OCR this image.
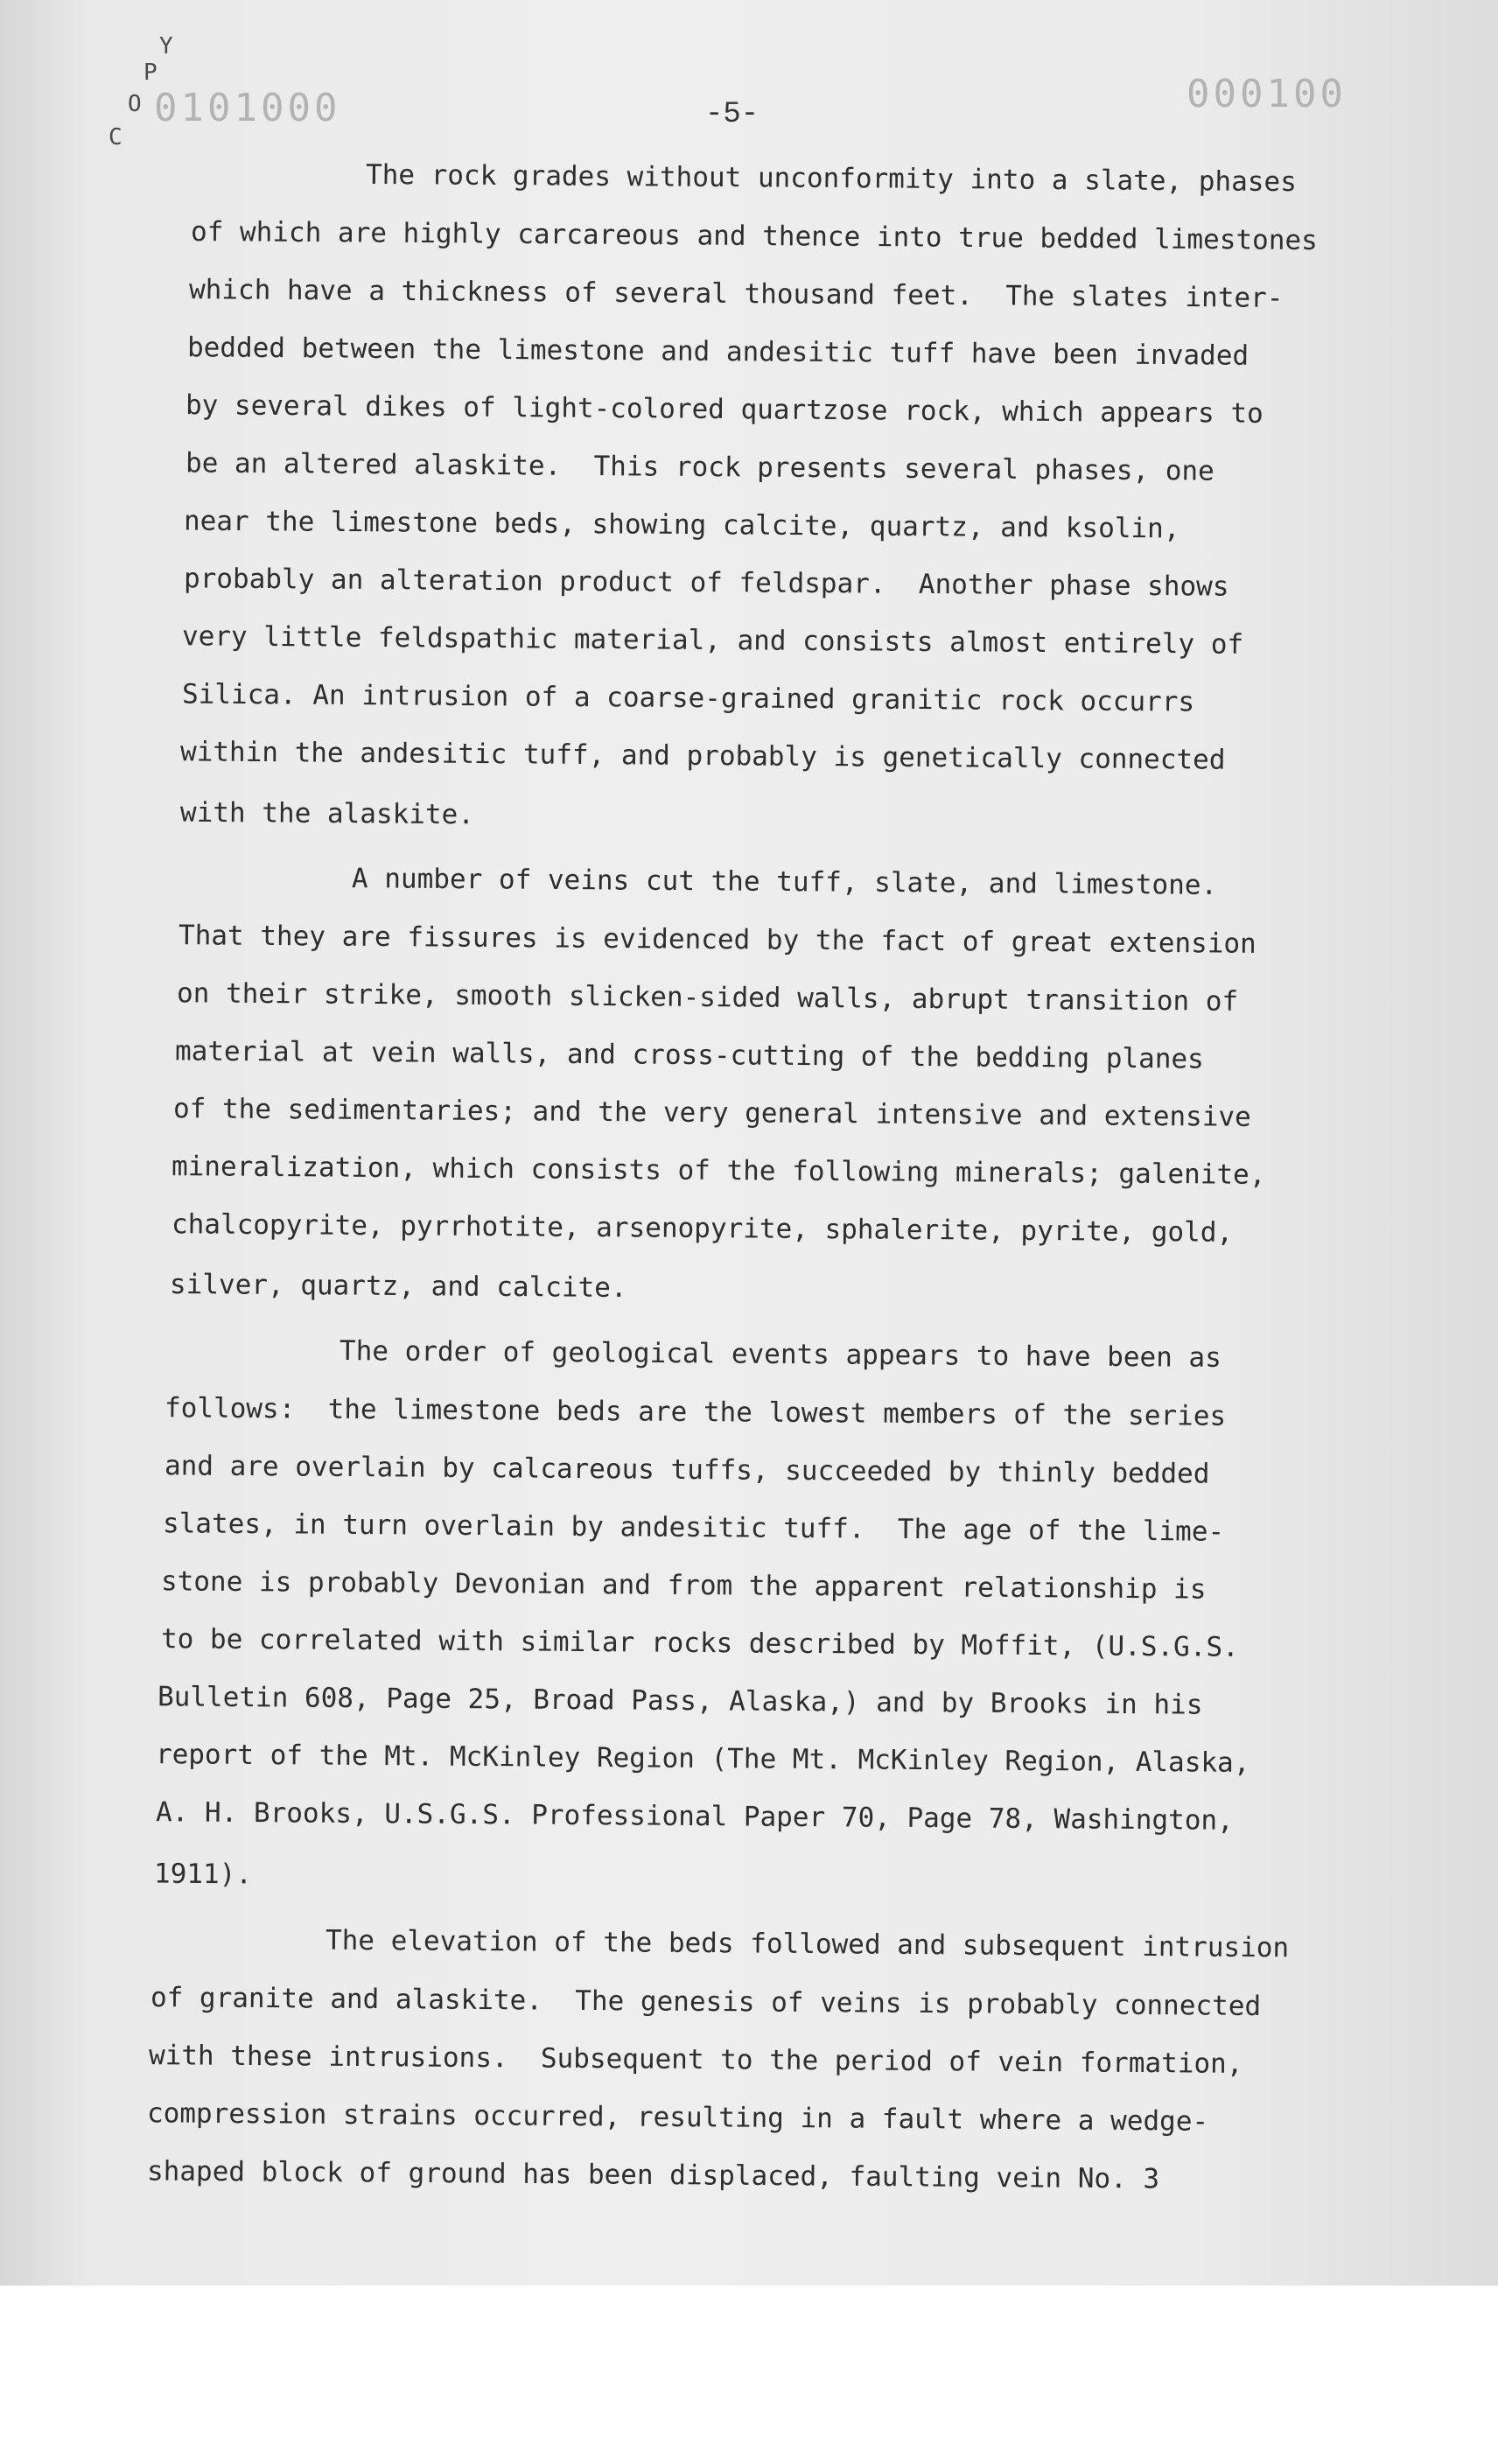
Y
P
O
C
0101000	000100
-5-
The rock grades without unconformity into a slate, phases
of which are highly carcareous and thence into true bedded limestones
which have a thickness of several thousand feet.  The slates inter-
bedded between the limestone and andesitic tuff have been invaded
by several dikes of light-colored quartzose rock, which appears to
be an altered alaskite.  This rock presents several phases, one
near the limestone beds, showing calcite, quartz, and ksolin,
probably an alteration product of feldspar.  Another phase shows
very little feldspathic material, and consists almost entirely of
Silica. An intrusion of a coarse-grained granitic rock occurrs
within the andesitic tuff, and probably is genetically connected
with the alaskite.
A number of veins cut the tuff, slate, and limestone.
That they are fissures is evidenced by the fact of great extension
on their strike, smooth slicken-sided walls, abrupt transition of
material at vein walls, and cross-cutting of the bedding planes
of the sedimentaries; and the very general intensive and extensive
mineralization, which consists of the following minerals; galenite,
chalcopyrite, pyrrhotite, arsenopyrite, sphalerite, pyrite, gold,
silver, quartz, and calcite.
The order of geological events appears to have been as
follows:  the limestone beds are the lowest members of the series
and are overlain by calcareous tuffs, succeeded by thinly bedded
slates, in turn overlain by andesitic tuff.  The age of the lime-
stone is probably Devonian and from the apparent relationship is
to be correlated with similar rocks described by Moffit, (U.S.G.S.
Bulletin 608, Page 25, Broad Pass, Alaska,) and by Brooks in his
report of the Mt. McKinley Region (The Mt. McKinley Region, Alaska,
A. H. Brooks, U.S.G.S. Professional Paper 70, Page 78, Washington,
1911).
The elevation of the beds followed and subsequent intrusion
of granite and alaskite.  The genesis of veins is probably connected
with these intrusions.  Subsequent to the period of vein formation,
compression strains occurred, resulting in a fault where a wedge-
shaped block of ground has been displaced, faulting vein No. 3
